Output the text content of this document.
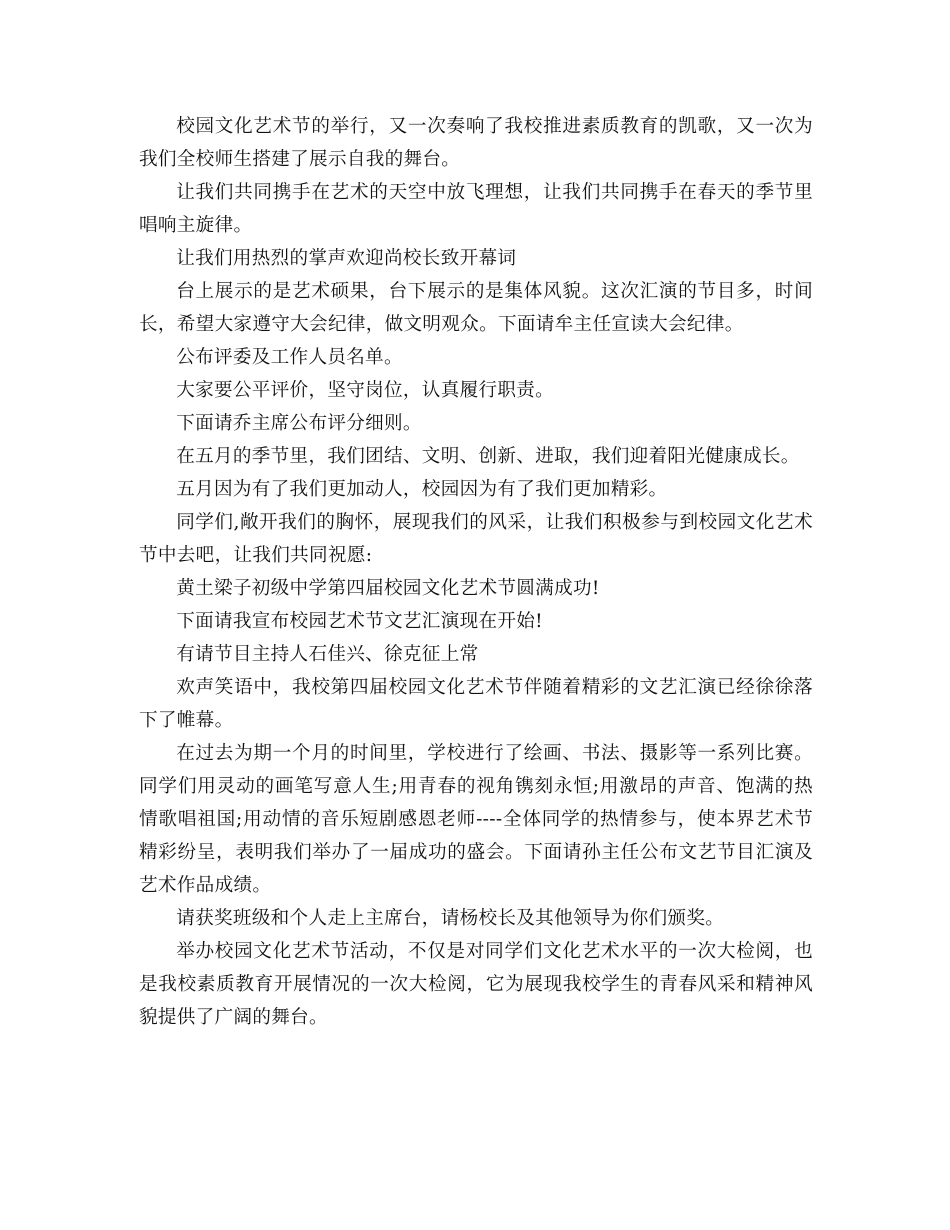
校园文化艺术节的举行，又一次奏响了我校推进素质教育的凯歌，又一次为我们全校师生搭建了展示自我的舞台。

让我们共同携手在艺术的天空中放飞理想，让我们共同携手在春天的季节里唱响主旋律。

让我们用热烈的掌声欢迎尚校长致开幕词

台上展示的是艺术硕果，台下展示的是集体风貌。这次汇演的节目多，时间长，希望大家遵守大会纪律，做文明观众。下面请牟主任宣读大会纪律。

公布评委及工作人员名单。

大家要公平评价，坚守岗位，认真履行职责。

下面请乔主席公布评分细则。

在五月的季节里，我们团结、文明、创新、进取，我们迎着阳光健康成长。

五月因为有了我们更加动人，校园因为有了我们更加精彩。

同学们,敞开我们的胸怀，展现我们的风采，让我们积极参与到校园文化艺术节中去吧，让我们共同祝愿:

黄土梁子初级中学第四届校园文化艺术节圆满成功!

下面请我宣布校园艺术节文艺汇演现在开始!

有请节目主持人石佳兴、徐克征上常

欢声笑语中，我校第四届校园文化艺术节伴随着精彩的文艺汇演已经徐徐落下了帷幕。

在过去为期一个月的时间里，学校进行了绘画、书法、摄影等一系列比赛。同学们用灵动的画笔写意人生;用青春的视角镌刻永恒;用激昂的声音、饱满的热情歌唱祖国;用动情的音乐短剧感恩老师----全体同学的热情参与，使本界艺术节精彩纷呈，表明我们举办了一届成功的盛会。下面请孙主任公布文艺节目汇演及艺术作品成绩。

请获奖班级和个人走上主席台，请杨校长及其他领导为你们颁奖。

举办校园文化艺术节活动，不仅是对同学们文化艺术水平的一次大检阅，也是我校素质教育开展情况的一次大检阅，它为展现我校学生的青春风采和精神风貌提供了广阔的舞台。
